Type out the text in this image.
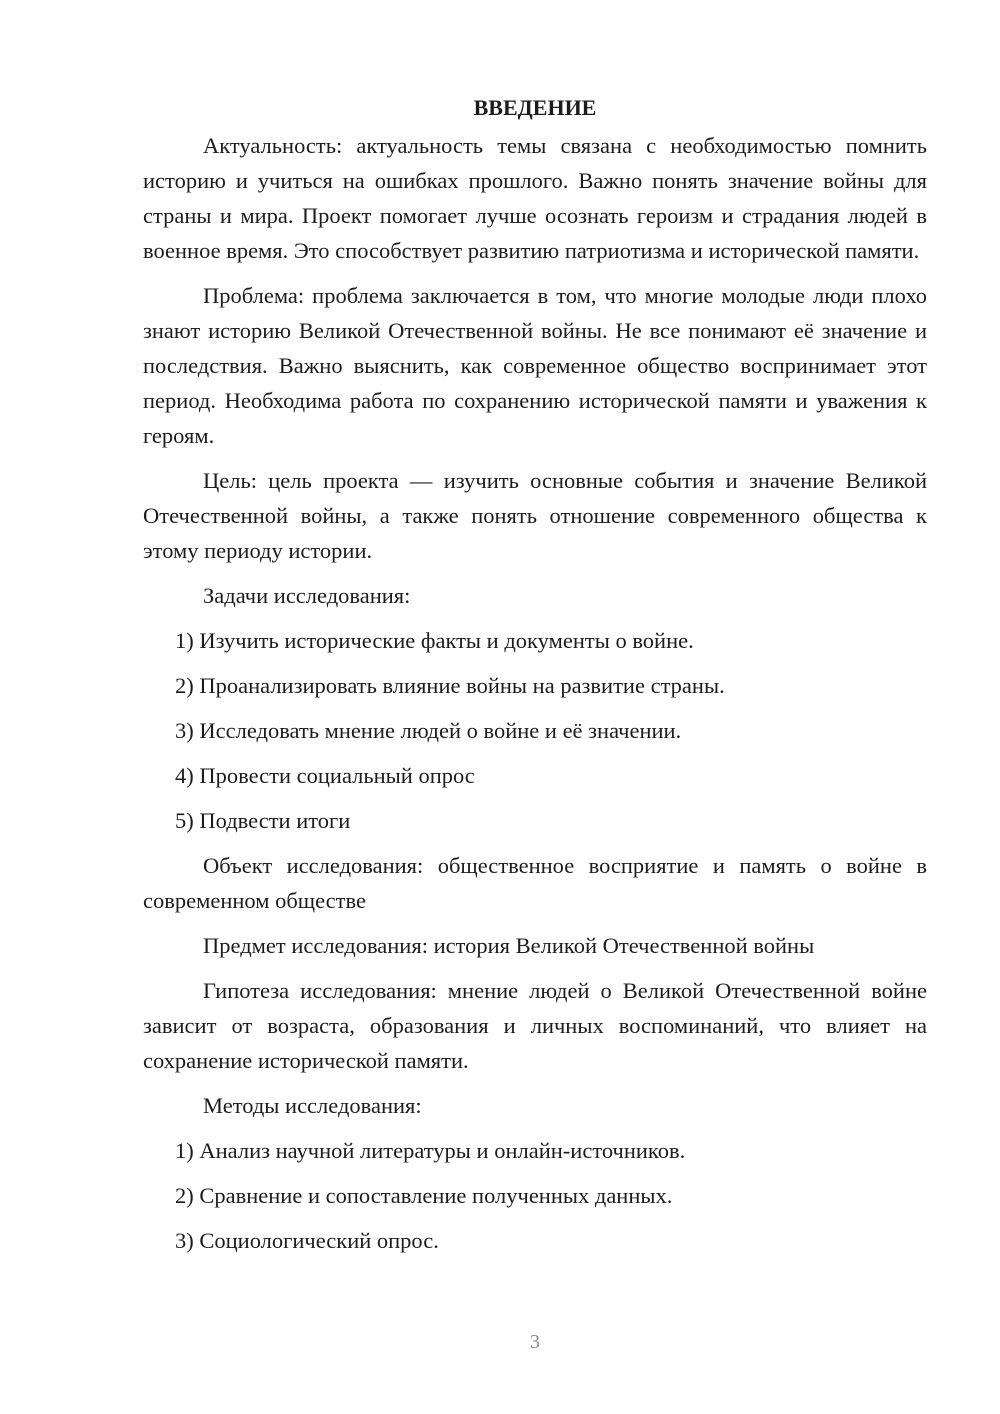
ВВЕДЕНИЕ

Актуальность: актуальность темы связана с необходимостью помнить историю и учиться на ошибках прошлого. Важно понять значение войны для страны и мира. Проект помогает лучше осознать героизм и страдания людей в военное время. Это способствует развитию патриотизма и исторической памяти.

Проблема: проблема заключается в том, что многие молодые люди плохо знают историю Великой Отечественной войны. Не все понимают её значение и последствия. Важно выяснить, как современное общество воспринимает этот период. Необходима работа по сохранению исторической памяти и уважения к героям.

Цель: цель проекта — изучить основные события и значение Великой Отечественной войны, а также понять отношение современного общества к этому периоду истории.

Задачи исследования:

1) Изучить исторические факты и документы о войне.

2) Проанализировать влияние войны на развитие страны.

3) Исследовать мнение людей о войне и её значении.

4) Провести социальный опрос

5) Подвести итоги

Объект исследования: общественное восприятие и память о войне в современном обществе

Предмет исследования: история Великой Отечественной войны

Гипотеза исследования: мнение людей о Великой Отечественной войне зависит от возраста, образования и личных воспоминаний, что влияет на сохранение исторической памяти.

Методы исследования:

1) Анализ научной литературы и онлайн-источников.

2) Сравнение и сопоставление полученных данных.

3) Социологический опрос.

3
